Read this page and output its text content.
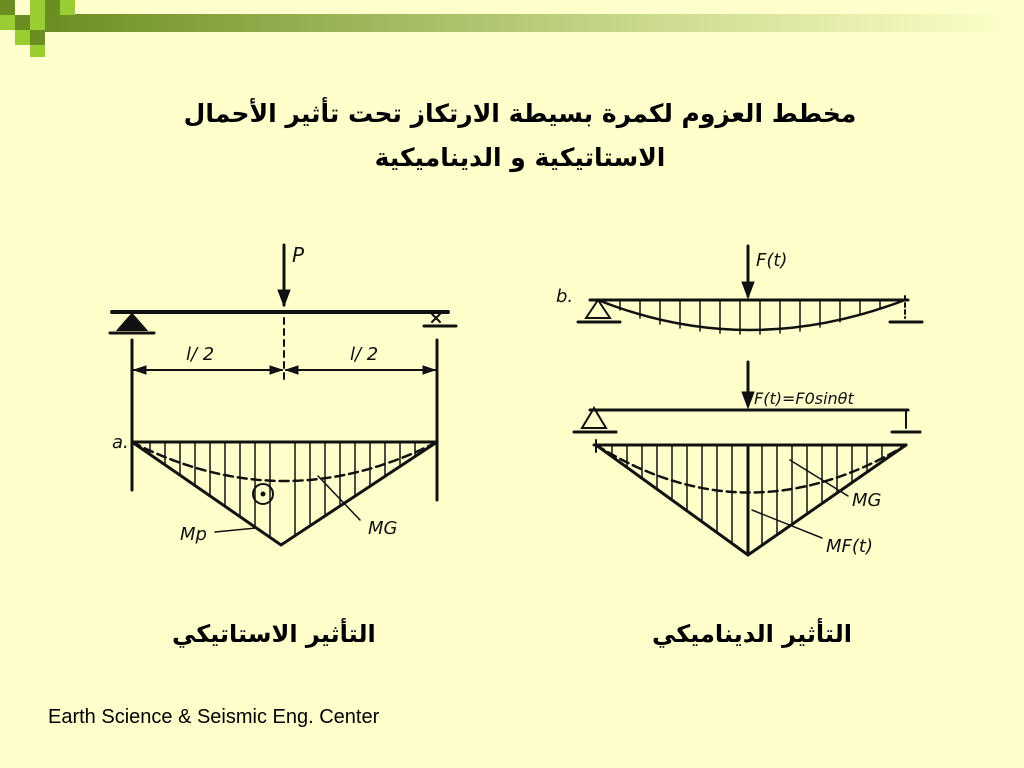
مخطط العزوم لكمرة بسيطة الارتكاز تحت تأثير الأحمال
الاستاتيكية و الديناميكية
a.
P
l/ 2	l/ 2
Mp	MG
b.
F(t)
F(t)=F0sinθt
MG
MF(t)
التأثير الاستاتيكي	التأثير الديناميكي
Earth Science & Seismic Eng. Center
